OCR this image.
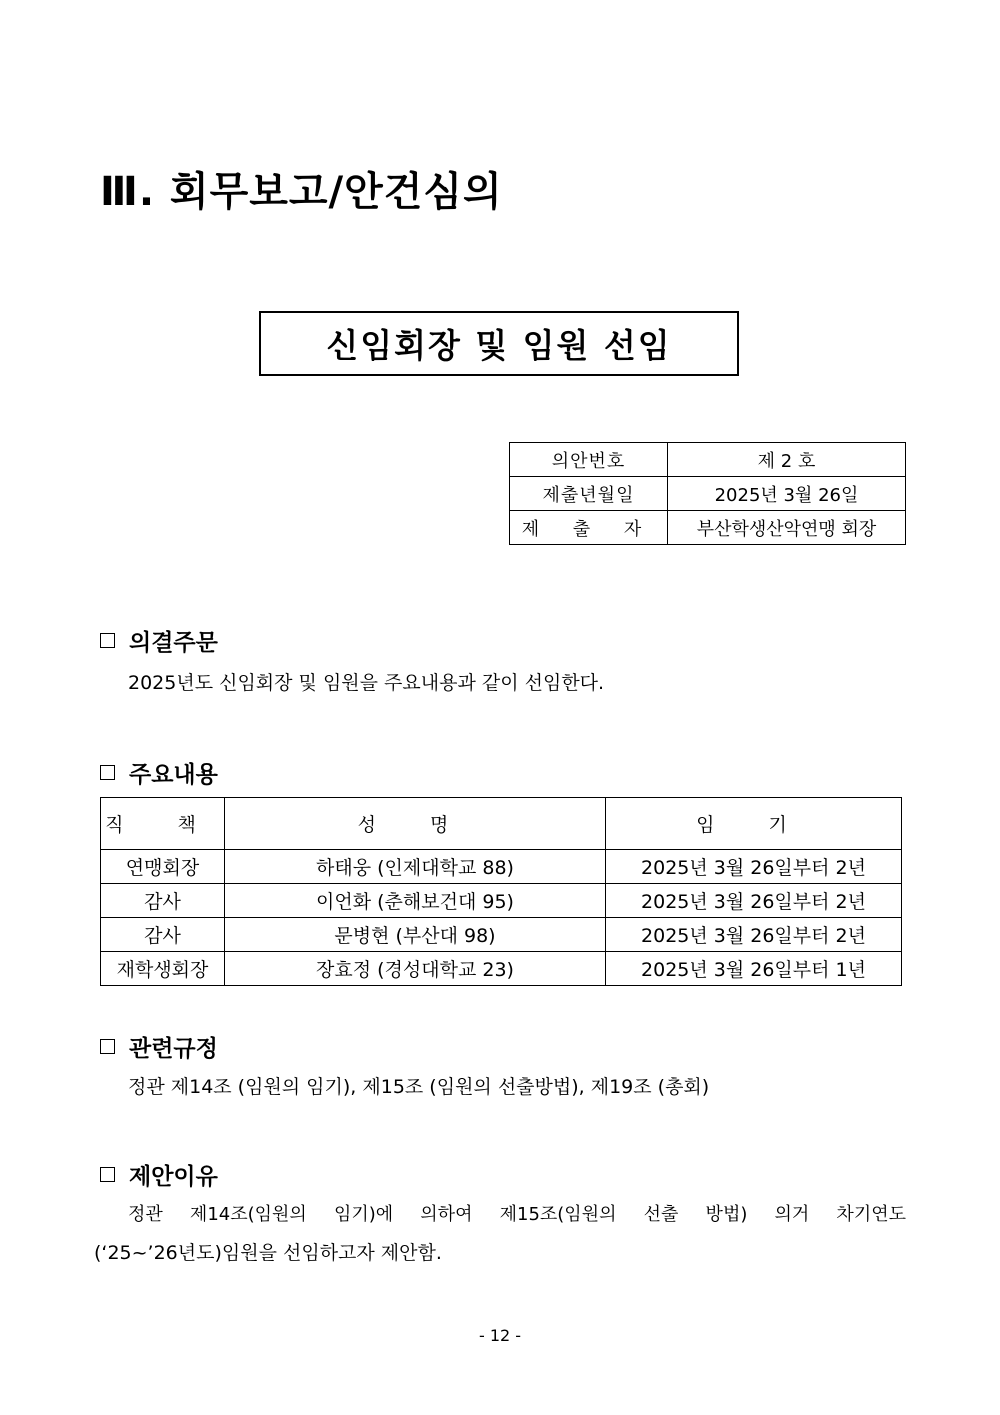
Ⅲ. 회무보고/안건심의
신임회장 및 임원 선임
의안번호	제 2 호
제출년월일	2025년 3월 26일
제 출 자	부산학생산악연맹 회장
의결주문
2025년도 신임회장 및 임원을 주요내용과 같이 선임한다.
주요내용
직 책	성 명	임 기
연맹회장	하태웅 (인제대학교 88)	2025년 3월 26일부터 2년
감사	이언화 (춘해보건대 95)	2025년 3월 26일부터 2년
감사	문병현 (부산대 98)	2025년 3월 26일부터 2년
재학생회장	장효정 (경성대학교 23)	2025년 3월 26일부터 1년
관련규정
정관 제14조 (임원의 임기), 제15조 (임원의 선출방법), 제19조 (총회)
제안이유
정관 제14조(임원의 임기)에 의하여 제15조(임원의 선출 방법) 의거 차기연도
(‘25~’26년도)임원을 선임하고자 제안함.
- 12 -
